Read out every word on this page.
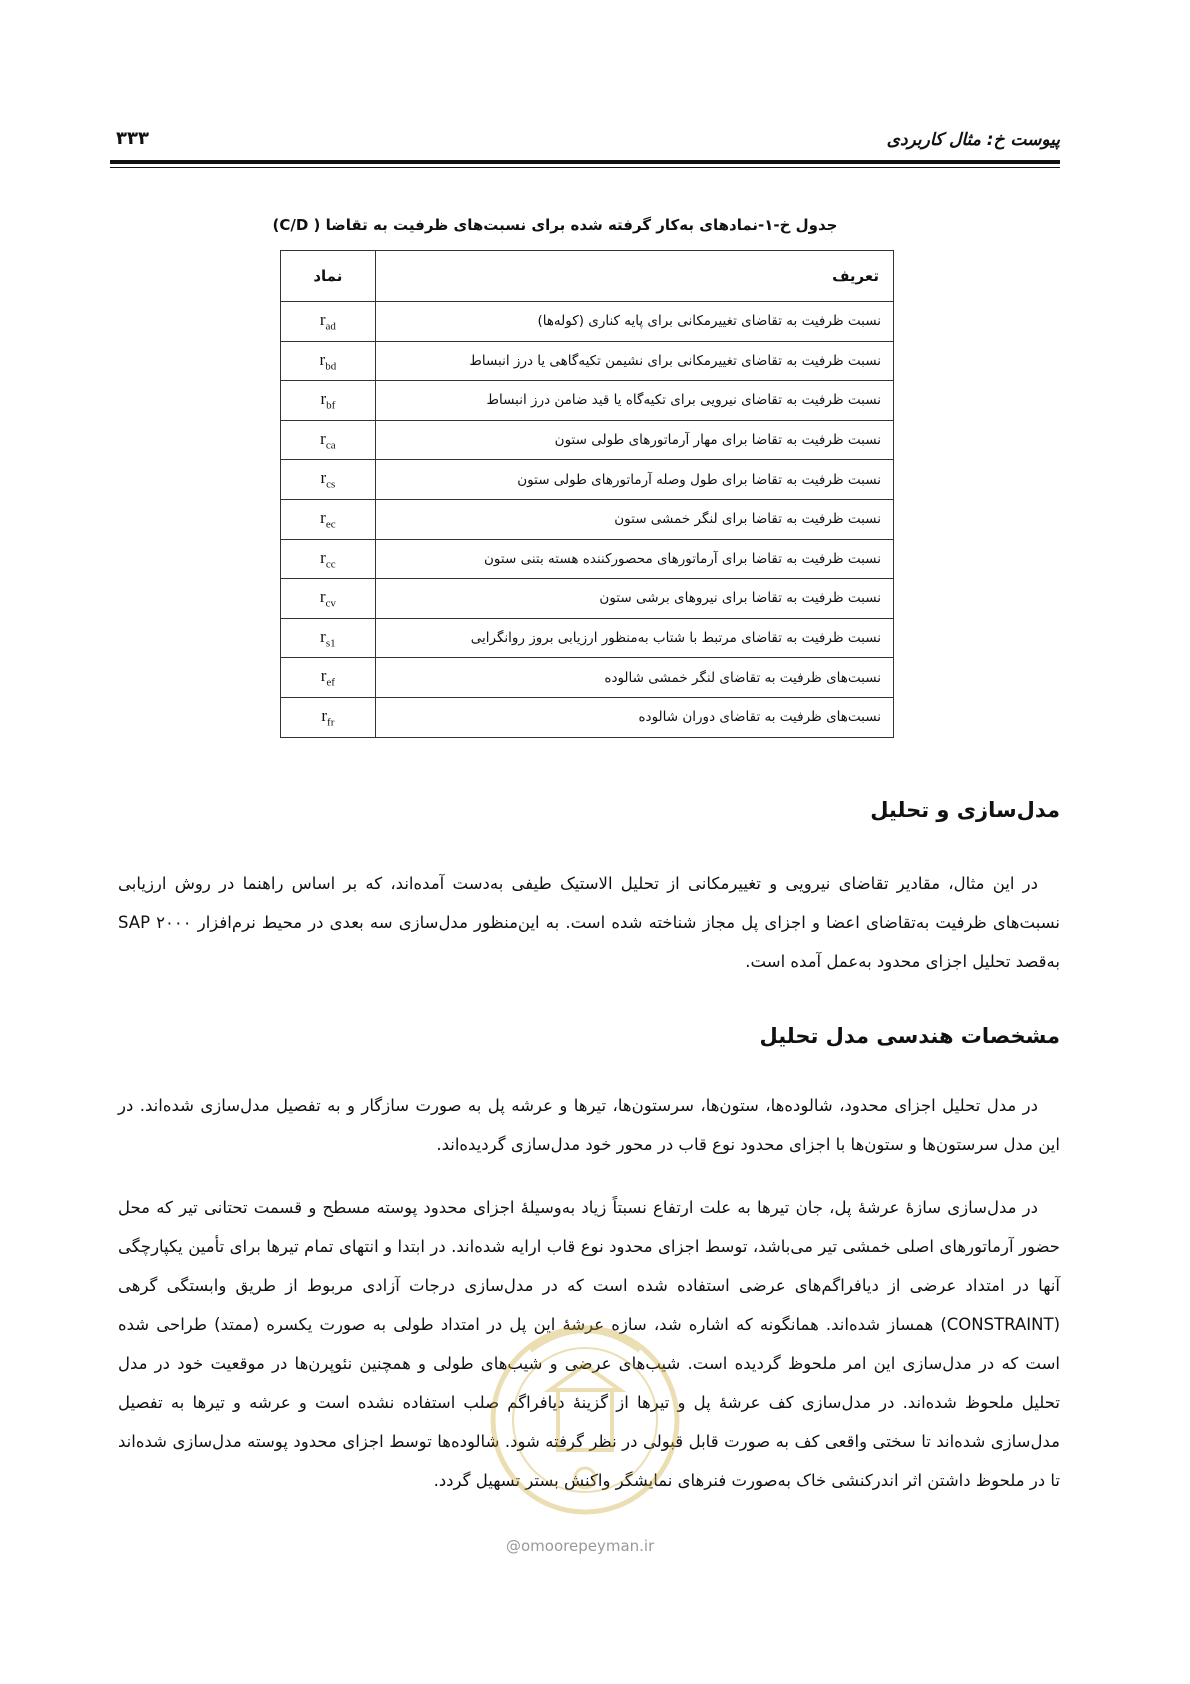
پیوست خ: مثال کاربردی
۳۳۳
جدول خ-۱-نمادهای به‌کار گرفته شده برای نسبت‌های ظرفیت به تقاضا ( C/D)
تعریف	نماد
نسبت ظرفیت به تقاضای تغییرمکانی برای پایه کناری (کوله‌ها)	$r_{ad}$
نسبت ظرفیت به تقاضای تغییرمکانی برای نشیمن تکیه‌گاهی یا درز انبساط	$r_{bd}$
نسبت ظرفیت به تقاضای نیرویی برای تکیه‌گاه یا قید ضامن درز انبساط	$r_{bf}$
نسبت ظرفیت به تقاضا برای مهار آرماتورهای طولی ستون	$r_{ca}$
نسبت ظرفیت به تقاضا برای طول وصله آرماتورهای طولی ستون	$r_{cs}$
نسبت ظرفیت به تقاضا برای لنگر خمشی ستون	$r_{ec}$
نسبت ظرفیت به تقاضا برای آرماتورهای محصورکننده هسته بتنی ستون	$r_{cc}$
نسبت ظرفیت به تقاضا برای نیروهای برشی ستون	$r_{cv}$
نسبت ظرفیت به تقاضای مرتبط با شتاب به‌منظور ارزیابی بروز روانگرایی	$r_{s1}$
نسبت‌های ظرفیت به تقاضای لنگر خمشی شالوده	$r_{ef}$
نسبت‌های ظرفیت به تقاضای دوران شالوده	$r_{fr}$
مدل‌سازی و تحلیل
در این مثال، مقادیر تقاضای نیرویی و تغییرمکانی از تحلیل الاستیک طیفی به‌دست آمده‌اند، که بر اساس راهنما در روش ارزیابی نسبت‌های ظرفیت به‌تقاضای اعضا و اجزای پل مجاز شناخته شده است. به این‌منظور مدل‌سازی سه بعدی در محیط نرم‌افزار ۲۰۰۰ SAP به‌قصد تحلیل اجزای محدود به‌عمل آمده است.
مشخصات هندسی مدل تحلیل
در مدل تحلیل اجزای محدود، شالوده‌ها، ستون‌ها، سرستون‌ها، تیرها و عرشه پل به صورت سازگار و به تفصیل مدل‌سازی شده‌اند. در این مدل سرستون‌ها و ستون‌ها با اجزای محدود نوع قاب در محور خود مدل‌سازی گردیده‌اند.
در مدل‌سازی سازهٔ عرشهٔ پل، جان تیرها به علت ارتفاع نسبتاً زیاد به‌وسیلهٔ اجزای محدود پوسته مسطح و قسمت تحتانی تیر که محل حضور آرماتورهای اصلی خمشی تیر می‌باشد، توسط اجزای محدود نوع قاب ارایه شده‌اند. در ابتدا و انتهای تمام تیرها برای تأمین یکپارچگی آنها در امتداد عرضی از دیافراگم‌های عرضی استفاده شده است که در مدل‌سازی درجات آزادی مربوط از طریق وابستگی گرهی (CONSTRAINT) همساز شده‌اند. همانگونه که اشاره شد، سازه عرشهٔ این پل در امتداد طولی به صورت یکسره (ممتد) طراحی شده است که در مدل‌سازی این امر ملحوظ گردیده است. شیب‌های عرضی و شیب‌های طولی و همچنین نئوپرن‌ها در موقعیت خود در مدل تحلیل ملحوظ شده‌اند. در مدل‌سازی کف عرشهٔ پل و تیرها از گزینهٔ دیافراگم صلب استفاده نشده است و عرشه و تیرها به تفصیل مدل‌سازی شده‌اند تا سختی واقعی کف به صورت قابل قبولی در نظر گرفته شود. شالوده‌ها توسط اجزای محدود پوسته مدل‌سازی شده‌اند تا در ملحوظ داشتن اثر اندرکنشی خاک به‌صورت فنرهای نمایشگر واکنش بستر تسهیل گردد.
@omoorepeyman.ir
